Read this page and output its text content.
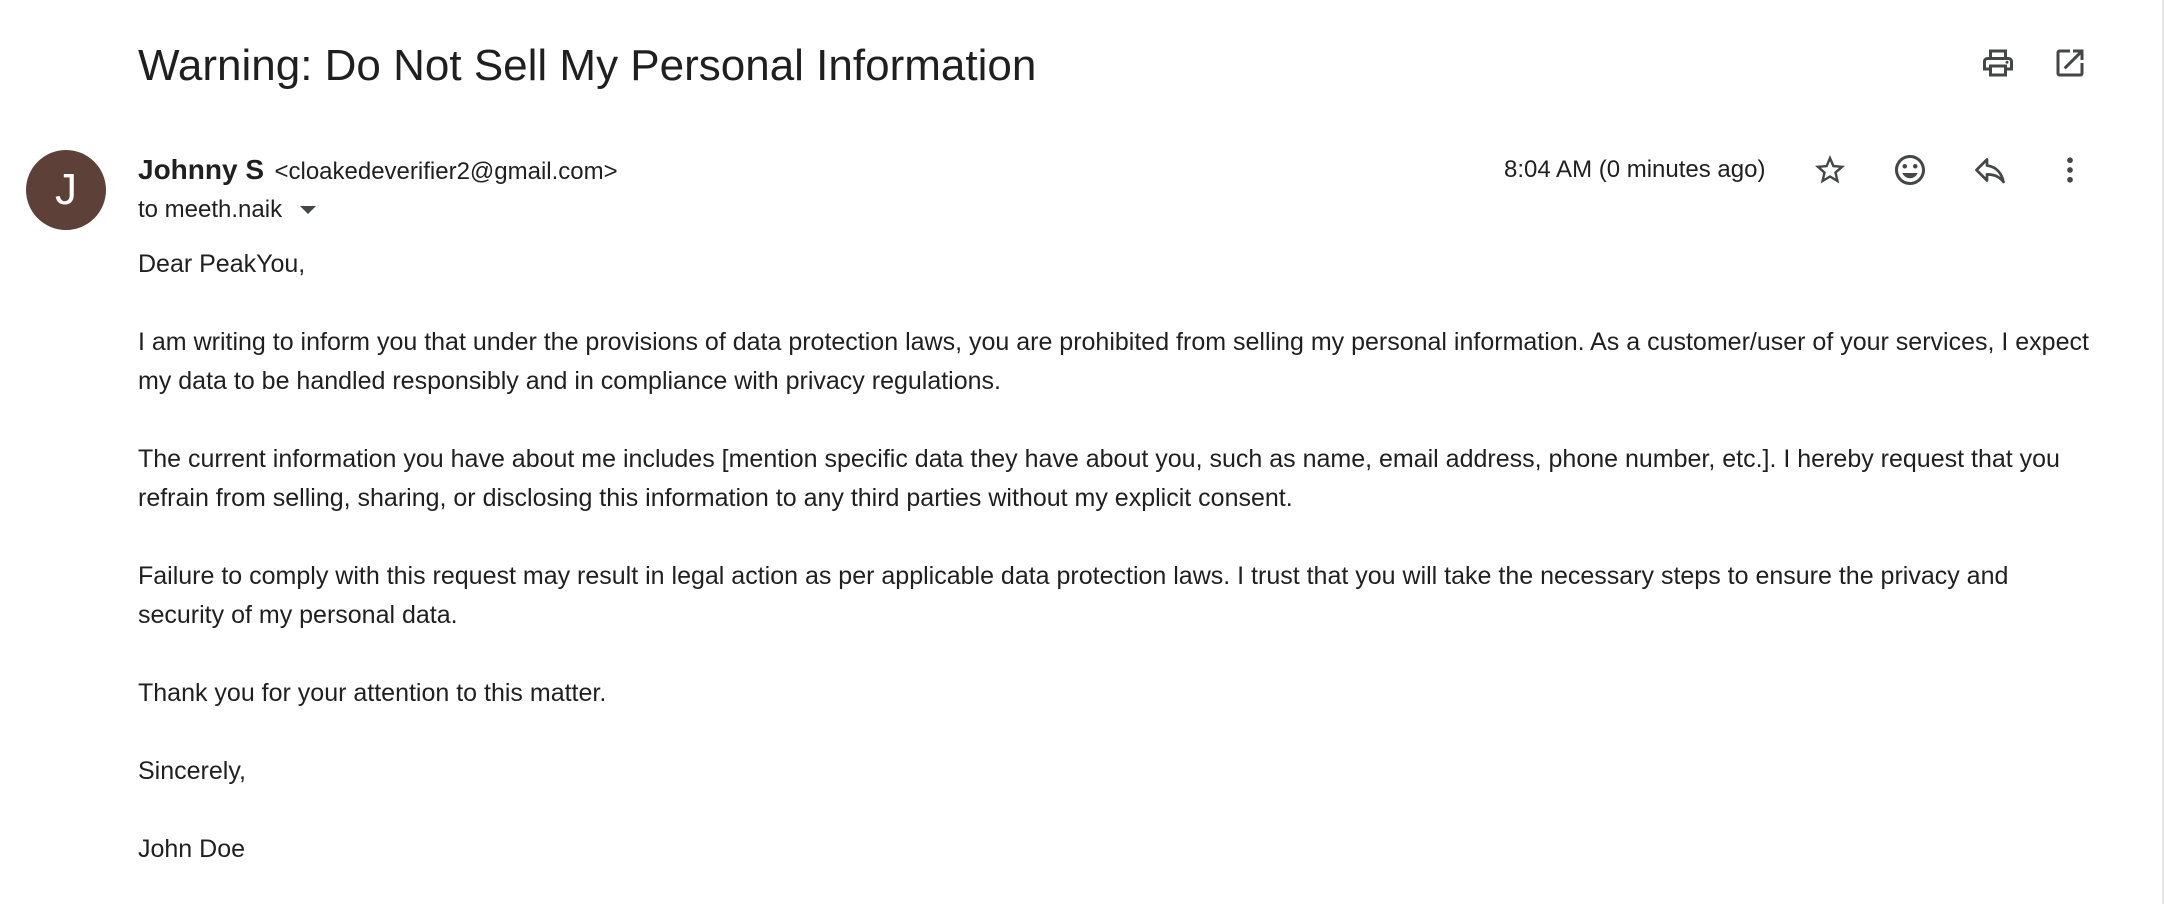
Warning: Do Not Sell My Personal Information
J	Johnny S <cloakedeverifier2@gmail.com>
to meeth.naik
8:04 AM (0 minutes ago)

Dear PeakYou,

I am writing to inform you that under the provisions of data protection laws, you are prohibited from selling my personal information. As a customer/user of your services, I expect my data to be handled responsibly and in compliance with privacy regulations.

The current information you have about me includes [mention specific data they have about you, such as name, email address, phone number, etc.]. I hereby request that you refrain from selling, sharing, or disclosing this information to any third parties without my explicit consent.

Failure to comply with this request may result in legal action as per applicable data protection laws. I trust that you will take the necessary steps to ensure the privacy and security of my personal data.

Thank you for your attention to this matter.

Sincerely,

John Doe
